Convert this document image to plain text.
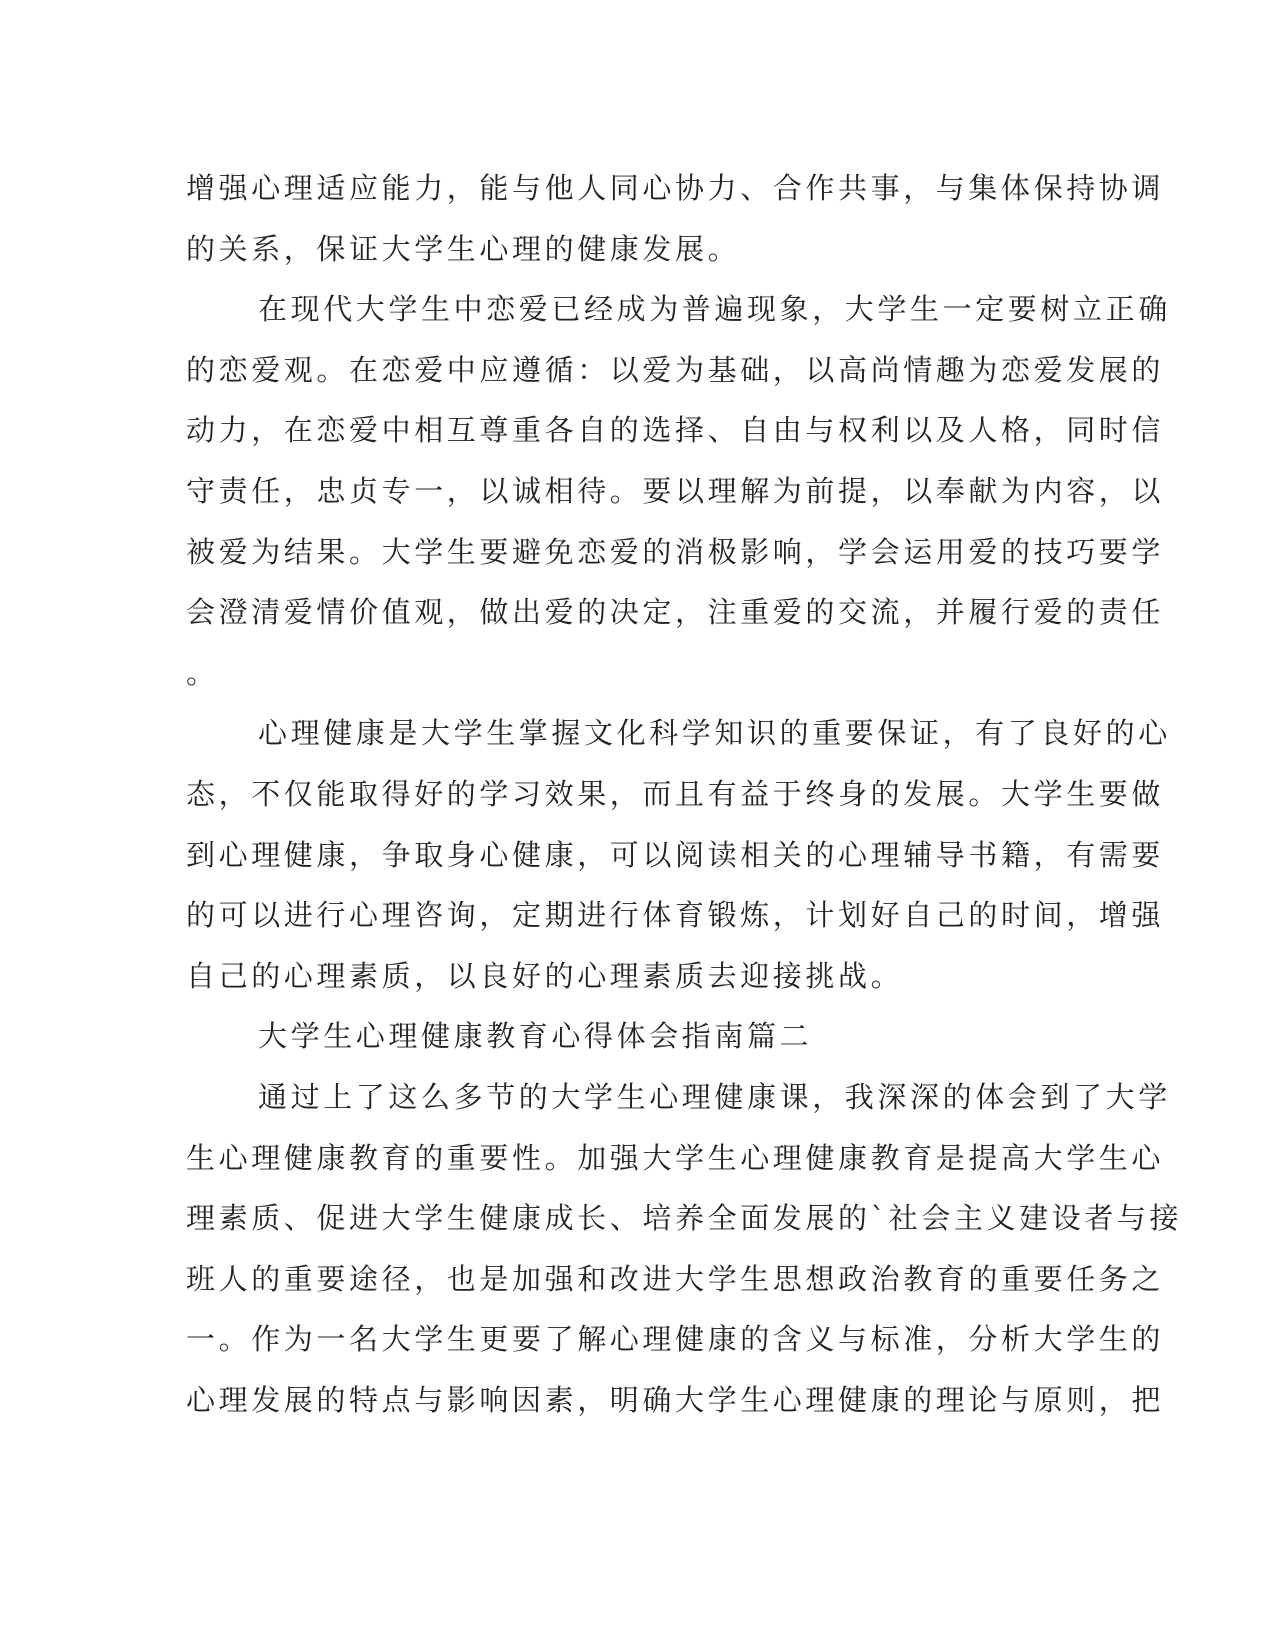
增强心理适应能力，能与他人同心协力、合作共事，与集体保持协调
的关系，保证大学生心理的健康发展。

在现代大学生中恋爱已经成为普遍现象，大学生一定要树立正确
的恋爱观。在恋爱中应遵循：以爱为基础，以高尚情趣为恋爱发展的
动力，在恋爱中相互尊重各自的选择、自由与权利以及人格，同时信
守责任，忠贞专一，以诚相待。要以理解为前提，以奉献为内容，以
被爱为结果。大学生要避免恋爱的消极影响，学会运用爱的技巧要学
会澄清爱情价值观，做出爱的决定，注重爱的交流，并履行爱的责任
。

心理健康是大学生掌握文化科学知识的重要保证，有了良好的心
态，不仅能取得好的学习效果，而且有益于终身的发展。大学生要做
到心理健康，争取身心健康，可以阅读相关的心理辅导书籍，有需要
的可以进行心理咨询，定期进行体育锻炼，计划好自己的时间，增强
自己的心理素质，以良好的心理素质去迎接挑战。

大学生心理健康教育心得体会指南篇二

通过上了这么多节的大学生心理健康课，我深深的体会到了大学
生心理健康教育的重要性。加强大学生心理健康教育是提高大学生心
理素质、促进大学生健康成长、培养全面发展的`社会主义建设者与接
班人的重要途径，也是加强和改进大学生思想政治教育的重要任务之
一。作为一名大学生更要了解心理健康的含义与标准，分析大学生的
心理发展的特点与影响因素，明确大学生心理健康的理论与原则，把
